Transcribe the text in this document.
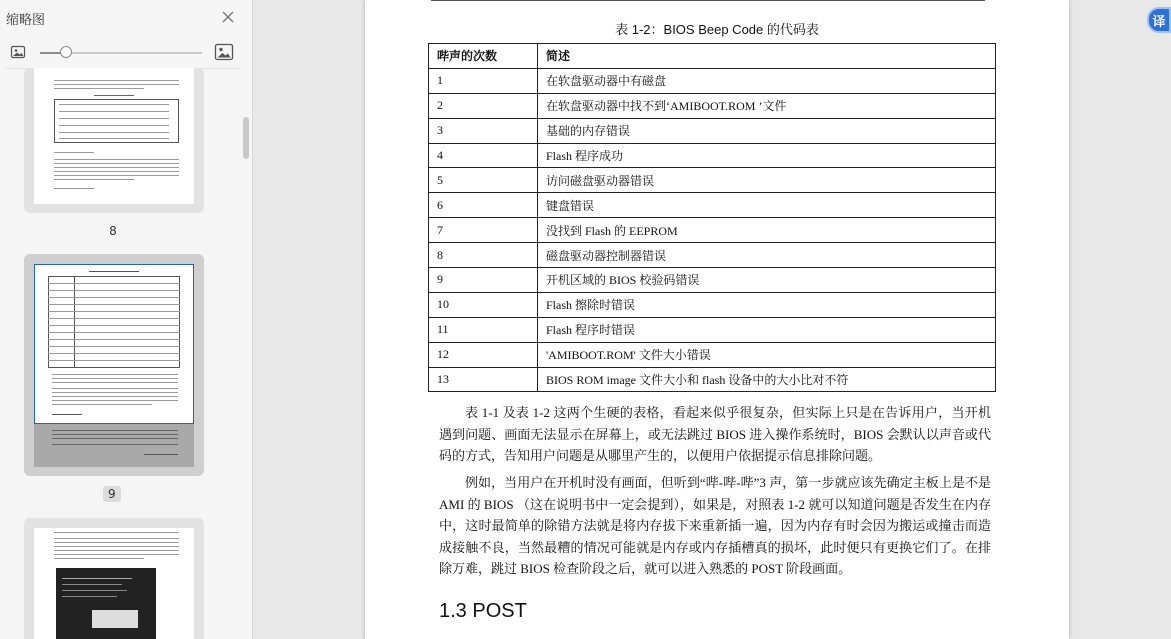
缩略图
8
9
表 1-2：BIOS Beep Code 的代码表
哔声的次数	简述
1	在软盘驱动器中有磁盘
2	在软盘驱动器中找不到‘AMIBOOT.ROM ’文件
3	基础的内存错误
4	Flash 程序成功
5	访问磁盘驱动器错误
6	键盘错误
7	没找到 Flash 的 EEPROM
8	磁盘驱动器控制器错误
9	开机区域的 BIOS 校验码错误
10	Flash 擦除时错误
11	Flash 程序时错误
12	'AMIBOOT.ROM' 文件大小错误
13	BIOS ROM image 文件大小和 flash 设备中的大小比对不符
表 1-1 及表 1-2 这两个生硬的表格，看起来似乎很复杂，但实际上只是在告诉用户，当开机遇到问题、画面无法显示在屏幕上，或无法跳过 BIOS 进入操作系统时，BIOS 会默认以声音或代码的方式，告知用户问题是从哪里产生的，以便用户依据提示信息排除问题。
例如，当用户在开机时没有画面，但听到“哔-哔-哔”3 声，第一步就应该先确定主板上是不是 AMI 的 BIOS （这在说明书中一定会提到），如果是，对照表 1-2 就可以知道问题是否发生在内存中，这时最简单的除错方法就是将内存拔下来重新插一遍，因为内存有时会因为搬运或撞击而造成接触不良，当然最糟的情况可能就是内存或内存插槽真的损坏，此时便只有更换它们了。在排除万难，跳过 BIOS 检查阶段之后，就可以进入熟悉的 POST 阶段画面。
1.3 POST
译
